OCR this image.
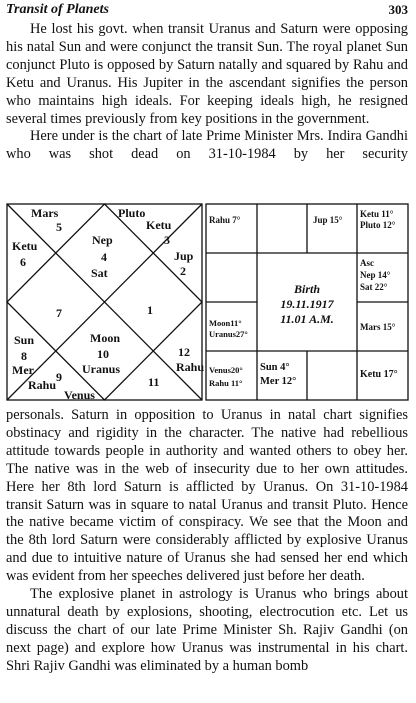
Transit of Planets	303

He lost his govt. when transit Uranus and Saturn were opposing his natal Sun and were conjunct the transit Sun. The royal planet Sun conjunct Pluto is opposed by Saturn natally and squared by Rahu and Ketu and Uranus. His Jupiter in the ascendant signifies the person who maintains high ideals. For keeping ideals high, he resigned several times previously from key positions in the government.

Here under is the chart of late Prime Minister Mrs. Indira Gandhi who was shot dead on 31-10-1984 by her security

Mars
5
Ketu
6
Nep
4
Sat
Pluto
Ketu
3
Jup
2
7	1
Sun
8
Mer
Moon
10
Uranus
12
Rahu
9
Rahu
Venus
11
Rahu 7°	Jup 15°
Ketu 11°
Pluto 12°
Asc
Nep 14°
Sat 22°
Mars 15°
Moon11°
Uranus27°
Venus20°
Rahu 11°
Sun 4°
Mer 12°
Ketu 17°
Birth
19.11.1917
11.01 A.M.

personals. Saturn in opposition to Uranus in natal chart signifies obstinacy and rigidity in the character. The native had rebellious attitude towards people in authority and wanted others to obey her. The native was in the web of insecurity due to her own attitudes. Here her 8th lord Saturn is afflicted by Uranus. On 31-10-1984 transit Saturn was in square to natal Uranus and transit Pluto. Hence the native became victim of conspiracy. We see that the Moon and the 8th lord Saturn were considerably afflicted by explosive Uranus and due to intuitive nature of Uranus she had sensed her end which was evident from her speeches delivered just before her death.

The explosive planet in astrology is Uranus who brings about unnatural death by explosions, shooting, electrocution etc. Let us discuss the chart of our late Prime Minister Sh. Rajiv Gandhi (on next page) and explore how Uranus was instrumental in his chart. Shri Rajiv Gandhi was eliminated by a human bomb
